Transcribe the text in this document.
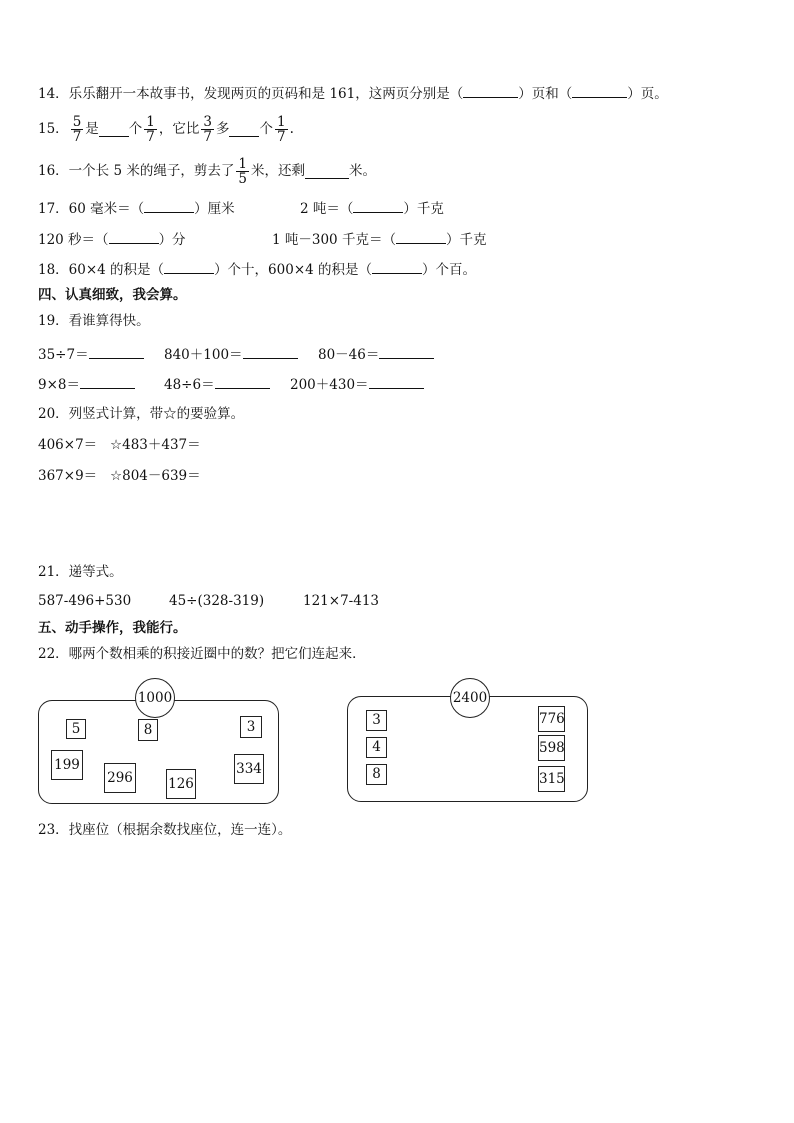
14．乐乐翻开一本故事书，发现两页的页码和是 161，这两页分别是（	）页和（	）页。
15． $\frac{5}{7}$ 是 个 $\frac{1}{7}$ ，它比 $\frac{3}{7}$ 多 个 $\frac{1}{7}$ .
16．一个长 5 米的绳子，剪去了 $\frac{1}{5}$ 米，还剩	米。
17．60 毫米＝（	）厘米	2 吨＝（	）千克
120 秒＝（	）分	1 吨－300 千克＝（	）千克
18．60×4 的积是（	）个十，600×4 的积是（	）个百。
四、认真细致，我会算。
19．看谁算得快。
35÷7＝	840＋100＝	80－46＝
9×8＝	48÷6＝	200＋430＝
20．列竖式计算，带☆的要验算。
406×7＝ ☆483＋437＝
367×9＝ ☆804－639＝
21．递等式。
587-496+530	45÷(328-319)	121×7-413
五、动手操作，我能行。
22．哪两个数相乘的积接近圈中的数？把它们连起来．
1000
5	8	3
199
296	126
334
2400
3
4
8
776
598
315
23．找座位（根据余数找座位，连一连）。
